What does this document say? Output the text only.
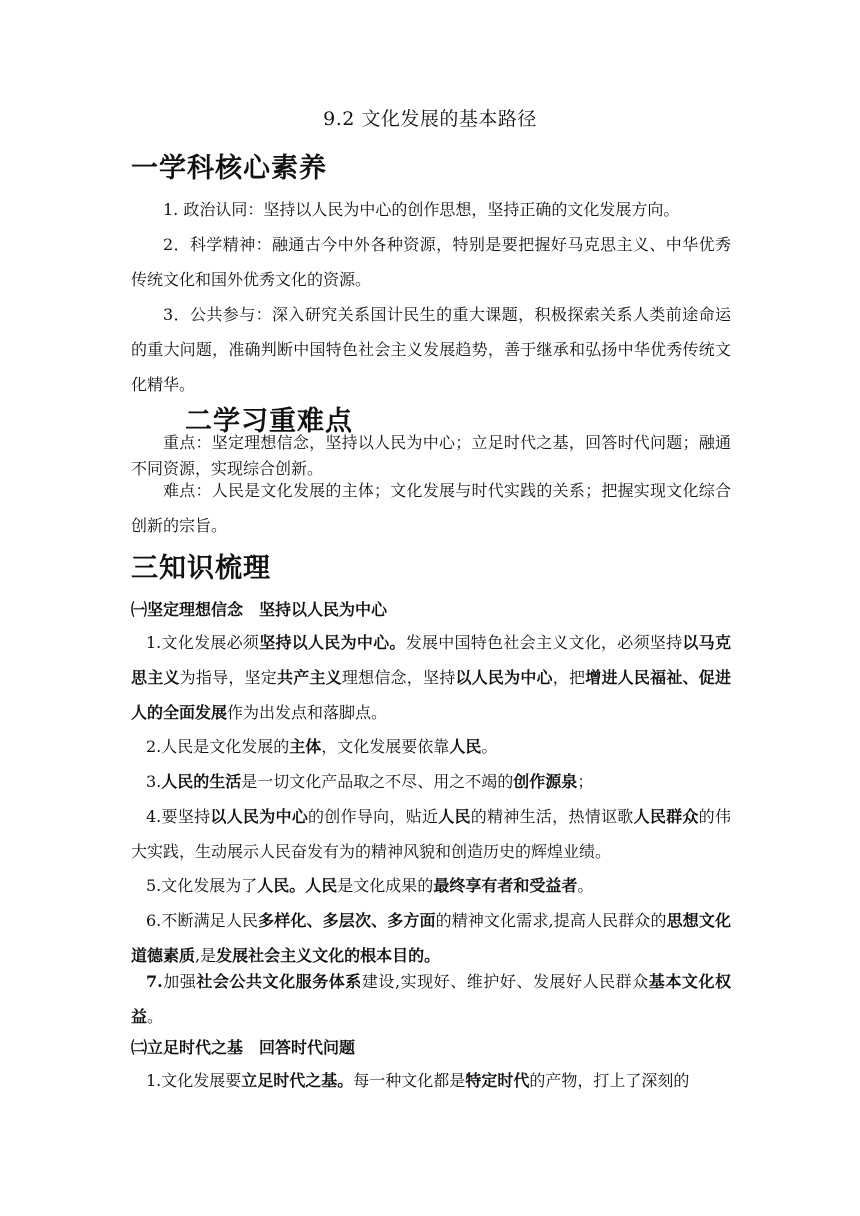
9.2 文化发展的基本路径
一学科核心素养
1. 政治认同：坚持以人民为中心的创作思想，坚持正确的文化发展方向。
2．科学精神：融通古今中外各种资源，特别是要把握好马克思主义、中华优秀传统文化和国外优秀文化的资源。
3．公共参与：深入研究关系国计民生的重大课题，积极探索关系人类前途命运的重大问题，准确判断中国特色社会主义发展趋势，善于继承和弘扬中华优秀传统文化精华。
二学习重难点
重点：坚定理想信念，坚持以人民为中心；立足时代之基，回答时代问题；融通不同资源，实现综合创新。
难点：人民是文化发展的主体；文化发展与时代实践的关系；把握实现文化综合创新的宗旨。
三知识梳理
㈠坚定理想信念　坚持以人民为中心
1.文化发展必须坚持以人民为中心。发展中国特色社会主义文化，必须坚持以马克思主义为指导，坚定共产主义理想信念，坚持以人民为中心，把增进人民福祉、促进人的全面发展作为出发点和落脚点。
2.人民是文化发展的主体，文化发展要依靠人民。
3.人民的生活是一切文化产品取之不尽、用之不竭的创作源泉；
4.要坚持以人民为中心的创作导向，贴近人民的精神生活，热情讴歌人民群众的伟大实践，生动展示人民奋发有为的精神风貌和创造历史的辉煌业绩。
5.文化发展为了人民。人民是文化成果的最终享有者和受益者。
6.不断满足人民多样化、多层次、多方面的精神文化需求,提高人民群众的思想文化道德素质,是发展社会主义文化的根本目的。
7.加强社会公共文化服务体系建设,实现好、维护好、发展好人民群众基本文化权益。
㈡立足时代之基　回答时代问题
1.文化发展要立足时代之基。每一种文化都是特定时代的产物，打上了深刻的
